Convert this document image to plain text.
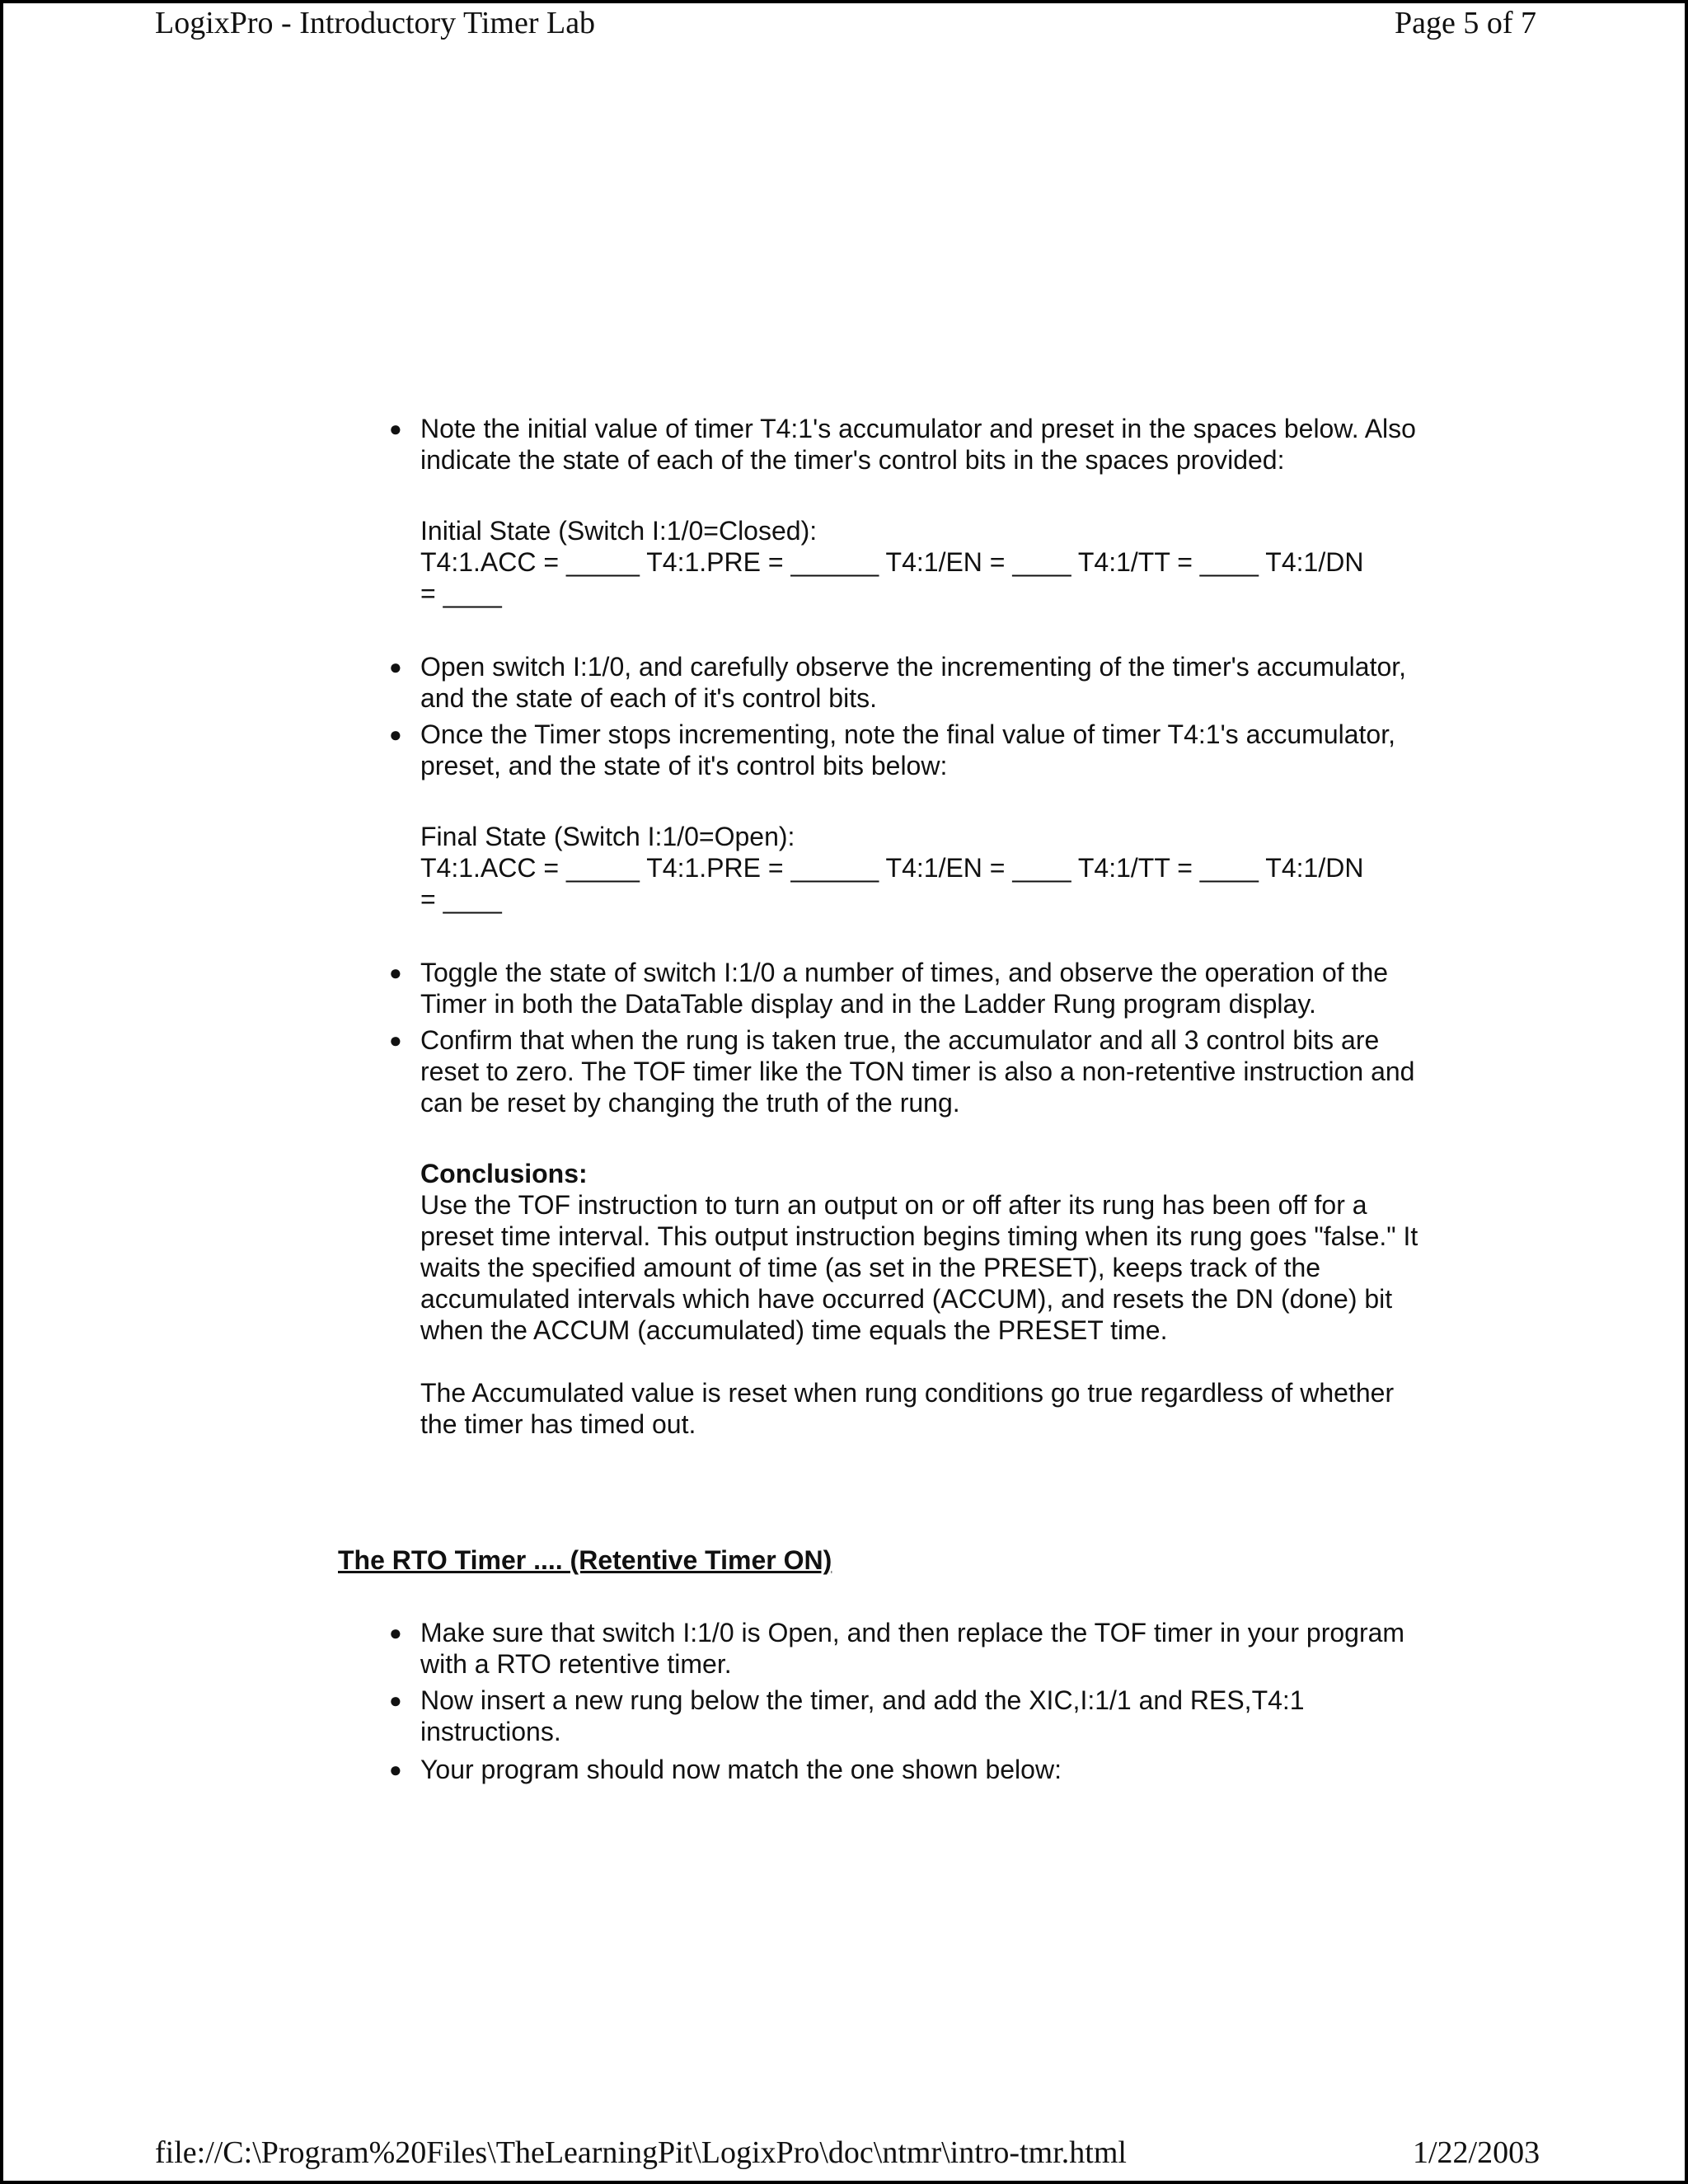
LogixPro - Introductory Timer Lab	Page 5 of 7
● Note the initial value of timer T4:1's accumulator and preset in the spaces below. Also indicate the state of each of the timer's control bits in the spaces provided:
Initial State (Switch I:1/0=Closed):
T4:1.ACC = _____ T4:1.PRE = ______ T4:1/EN = ____ T4:1/TT = ____ T4:1/DN
= ____
● Open switch I:1/0, and carefully observe the incrementing of the timer's accumulator, and the state of each of it's control bits.
● Once the Timer stops incrementing, note the final value of timer T4:1's accumulator, preset, and the state of it's control bits below:
Final State (Switch I:1/0=Open):
T4:1.ACC = _____ T4:1.PRE = ______ T4:1/EN = ____ T4:1/TT = ____ T4:1/DN
= ____
● Toggle the state of switch I:1/0 a number of times, and observe the operation of the Timer in both the DataTable display and in the Ladder Rung program display.
● Confirm that when the rung is taken true, the accumulator and all 3 control bits are reset to zero. The TOF timer like the TON timer is also a non-retentive instruction and can be reset by changing the truth of the rung.
Conclusions:
Use the TOF instruction to turn an output on or off after its rung has been off for a preset time interval. This output instruction begins timing when its rung goes "false." It waits the specified amount of time (as set in the PRESET), keeps track of the accumulated intervals which have occurred (ACCUM), and resets the DN (done) bit when the ACCUM (accumulated) time equals the PRESET time.
The Accumulated value is reset when rung conditions go true regardless of whether the timer has timed out.
The RTO Timer .... (Retentive Timer ON)
● Make sure that switch I:1/0 is Open, and then replace the TOF timer in your program with a RTO retentive timer.
● Now insert a new rung below the timer, and add the XIC,I:1/1 and RES,T4:1 instructions.
● Your program should now match the one shown below:
file://C:\Program%20Files\TheLearningPit\LogixPro\doc\ntmr\intro-tmr.html	1/22/2003
